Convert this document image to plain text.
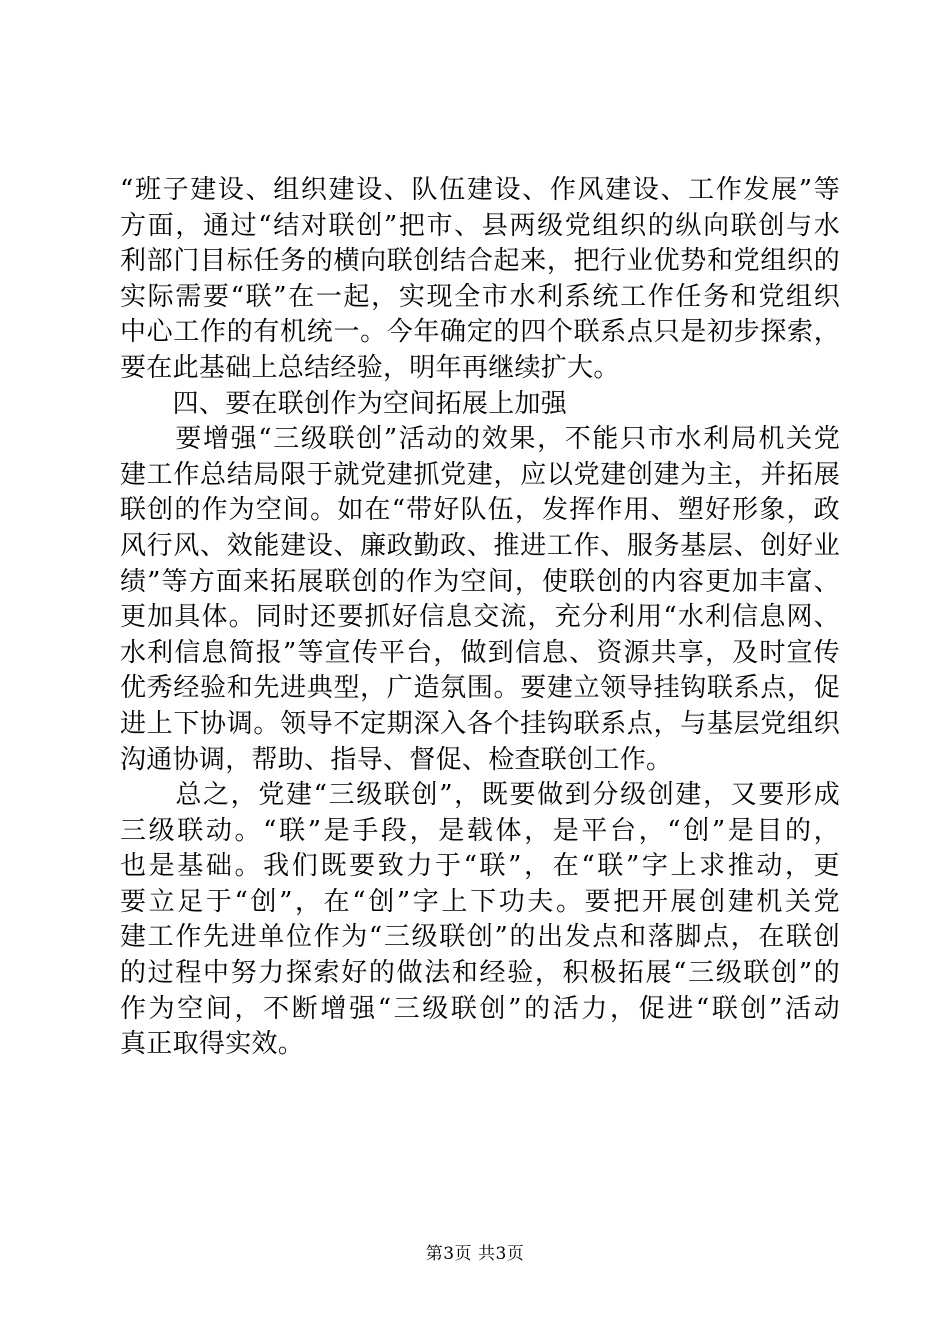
“班子建设、组织建设、队伍建设、作风建设、工作发展”等
方面，通过“结对联创”把市、县两级党组织的纵向联创与水
利部门目标任务的横向联创结合起来，把行业优势和党组织的
实际需要“联”在一起，实现全市水利系统工作任务和党组织
中心工作的有机统一。今年确定的四个联系点只是初步探索，
要在此基础上总结经验，明年再继续扩大。
　　四、要在联创作为空间拓展上加强
　　要增强“三级联创”活动的效果，不能只市水利局机关党
建工作总结局限于就党建抓党建，应以党建创建为主，并拓展
联创的作为空间。如在“带好队伍，发挥作用、塑好形象，政
风行风、效能建设、廉政勤政、推进工作、服务基层、创好业
绩”等方面来拓展联创的作为空间，使联创的内容更加丰富、
更加具体。同时还要抓好信息交流，充分利用“水利信息网、
水利信息简报”等宣传平台，做到信息、资源共享，及时宣传
优秀经验和先进典型，广造氛围。要建立领导挂钩联系点，促
进上下协调。领导不定期深入各个挂钩联系点，与基层党组织
沟通协调，帮助、指导、督促、检查联创工作。
　　总之，党建“三级联创”，既要做到分级创建，又要形成
三级联动。“联”是手段，是载体，是平台，“创”是目的，
也是基础。我们既要致力于“联”，在“联”字上求推动，更
要立足于“创”，在“创”字上下功夫。要把开展创建机关党
建工作先进单位作为“三级联创”的出发点和落脚点，在联创
的过程中努力探索好的做法和经验，积极拓展“三级联创”的
作为空间，不断增强“三级联创”的活力，促进“联创”活动
真正取得实效。
第3页 共3页
